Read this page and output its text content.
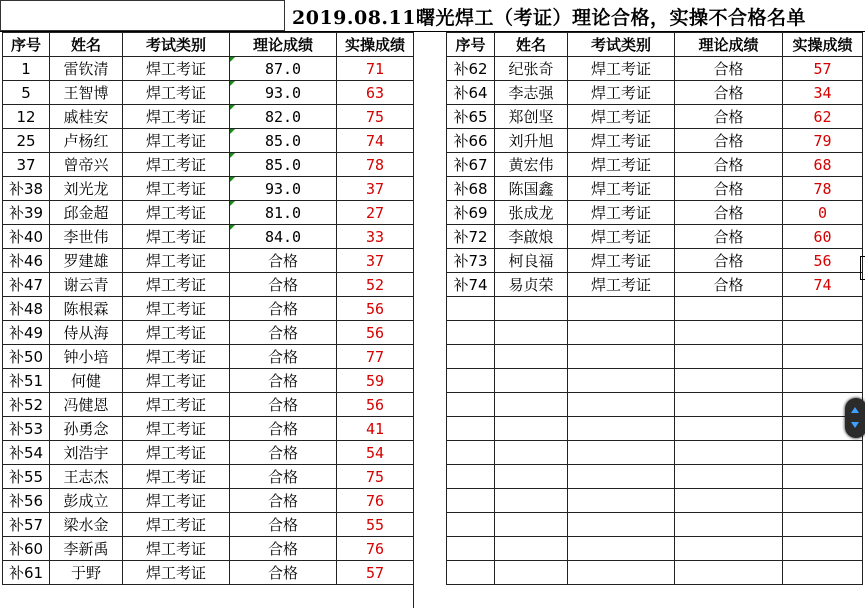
2019.08.11曙光焊工（考证）理论合格，实操不合格名单
序号	姓名	考试类别	理论成绩	实操成绩
1	雷钦清	焊工考证	87.0	71
5	王智博	焊工考证	93.0	63
12	戚桂安	焊工考证	82.0	75
25	卢杨红	焊工考证	85.0	74
37	曾帝兴	焊工考证	85.0	78
补38	刘光龙	焊工考证	93.0	37
补39	邱金超	焊工考证	81.0	27
补40	李世伟	焊工考证	84.0	33
补46	罗建雄	焊工考证	合格	37
补47	谢云青	焊工考证	合格	52
补48	陈根霖	焊工考证	合格	56
补49	侍从海	焊工考证	合格	56
补50	钟小培	焊工考证	合格	77
补51	何健	焊工考证	合格	59
补52	冯健恩	焊工考证	合格	56
补53	孙勇念	焊工考证	合格	41
补54	刘浩宇	焊工考证	合格	54
补55	王志杰	焊工考证	合格	75
补56	彭成立	焊工考证	合格	76
补57	梁水金	焊工考证	合格	55
补60	李新禹	焊工考证	合格	76
补61	于野	焊工考证	合格	57
序号	姓名	考试类别	理论成绩	实操成绩
补62	纪张奇	焊工考证	合格	57
补64	李志强	焊工考证	合格	34
补65	郑创坚	焊工考证	合格	62
补66	刘升旭	焊工考证	合格	79
补67	黄宏伟	焊工考证	合格	68
补68	陈国鑫	焊工考证	合格	78
补69	张成龙	焊工考证	合格	0
补72	李啟烺	焊工考证	合格	60
补73	柯良福	焊工考证	合格	56
补74	易贞荣	焊工考证	合格	74
